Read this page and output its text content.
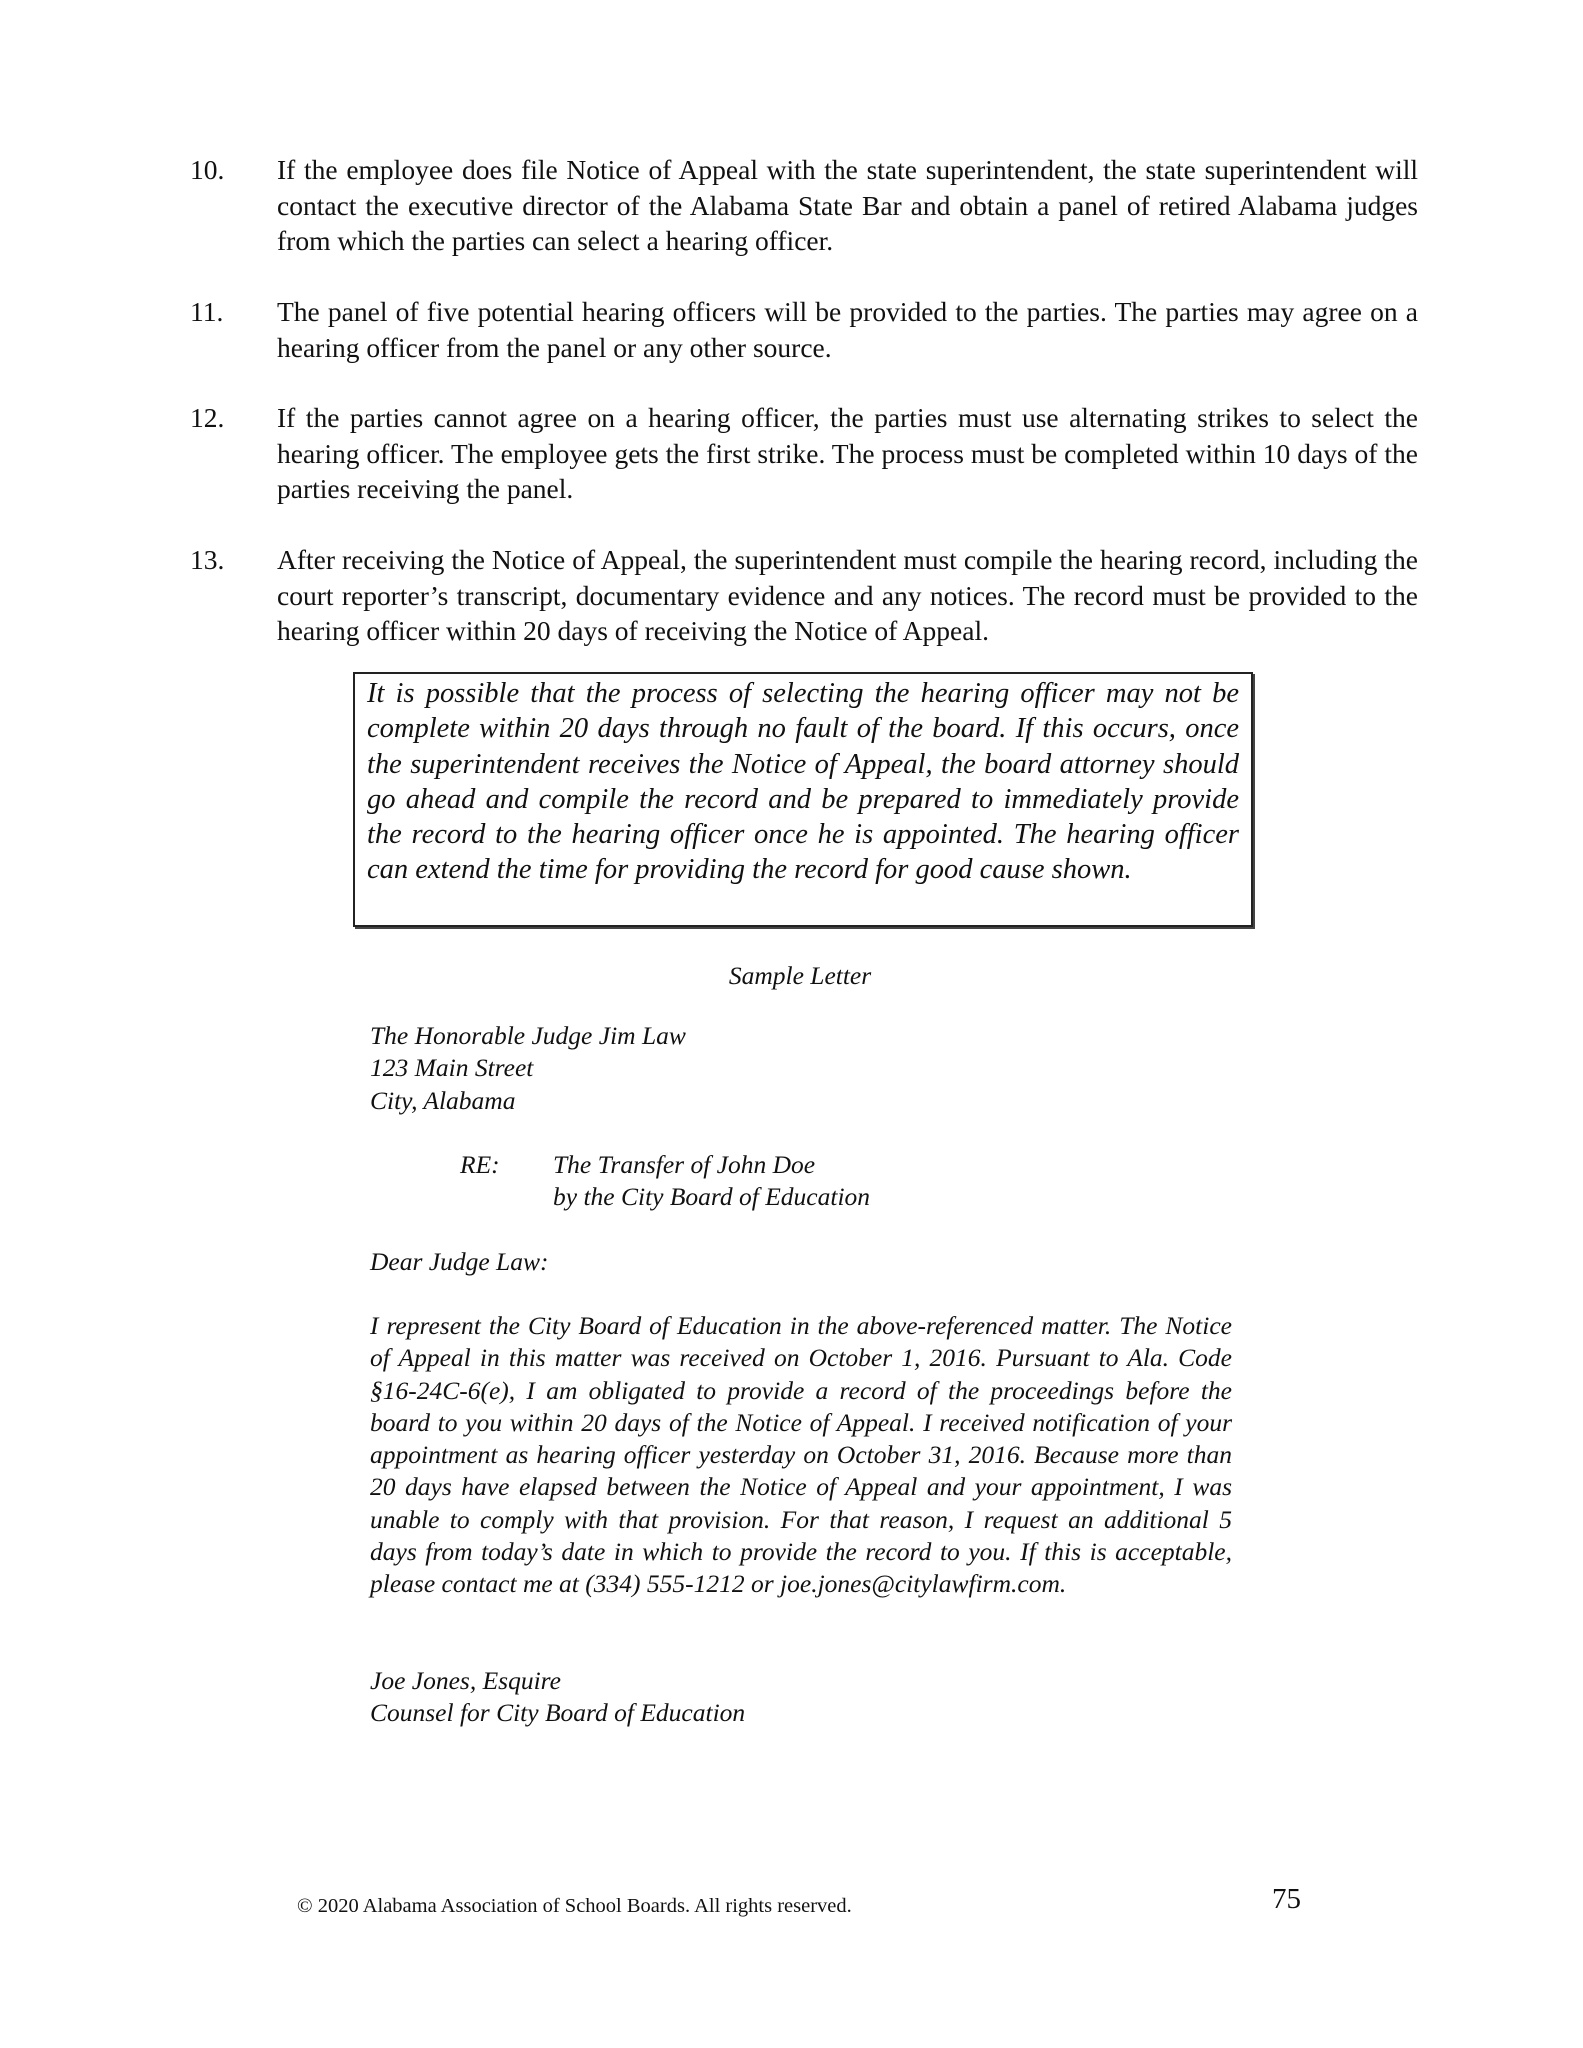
10. If the employee does file Notice of Appeal with the state superintendent, the state superintendent will contact the executive director of the Alabama State Bar and obtain a panel of retired Alabama judges from which the parties can select a hearing officer.
11. The panel of five potential hearing officers will be provided to the parties. The parties may agree on a hearing officer from the panel or any other source.
12. If the parties cannot agree on a hearing officer, the parties must use alternating strikes to select the hearing officer. The employee gets the first strike. The process must be completed within 10 days of the parties receiving the panel.
13. After receiving the Notice of Appeal, the superintendent must compile the hearing record, including the court reporter’s transcript, documentary evidence and any notices. The record must be provided to the hearing officer within 20 days of receiving the Notice of Appeal.
It is possible that the process of selecting the hearing officer may not be complete within 20 days through no fault of the board. If this occurs, once the superintendent receives the Notice of Appeal, the board attorney should go ahead and compile the record and be prepared to immediately provide the record to the hearing officer once he is appointed. The hearing officer can extend the time for providing the record for good cause shown.
Sample Letter
The Honorable Judge Jim Law
123 Main Street
City, Alabama
RE: The Transfer of John Doe
by the City Board of Education
Dear Judge Law:
I represent the City Board of Education in the above-referenced matter. The Notice of Appeal in this matter was received on October 1, 2016. Pursuant to Ala. Code §16-24C-6(e), I am obligated to provide a record of the proceedings before the board to you within 20 days of the Notice of Appeal. I received notification of your appointment as hearing officer yesterday on October 31, 2016. Because more than 20 days have elapsed between the Notice of Appeal and your appointment, I was unable to comply with that provision. For that reason, I request an additional 5 days from today’s date in which to provide the record to you. If this is acceptable, please contact me at (334) 555-1212 or joe.jones@citylawfirm.com.
Joe Jones, Esquire
Counsel for City Board of Education
© 2020 Alabama Association of School Boards. All rights reserved.	75
